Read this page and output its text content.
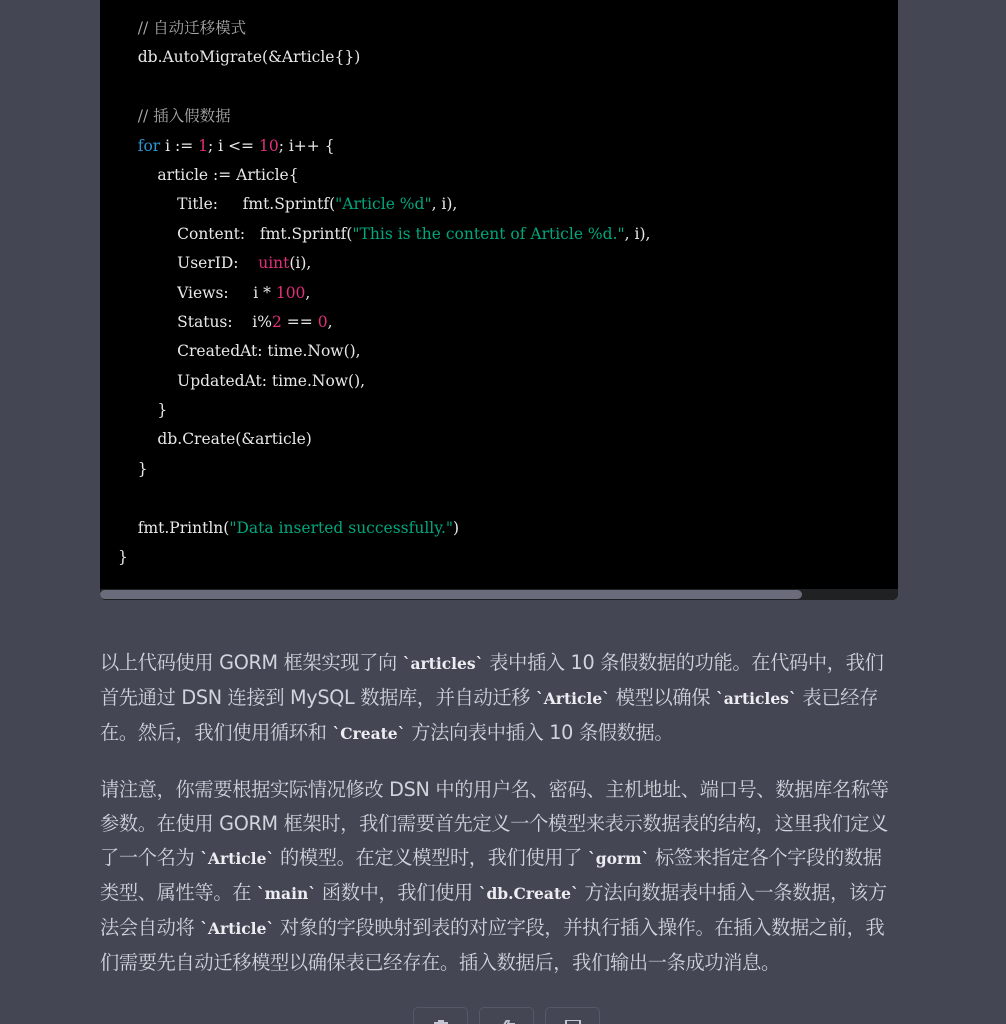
// 自动迁移模式
db.AutoMigrate(&Article{})
// 插入假数据
for i := 1; i <= 10; i++ {
article := Article{
Title:     fmt.Sprintf("Article %d", i),
Content:   fmt.Sprintf("This is the content of Article %d.", i),
UserID:    uint(i),
Views:     i * 100,
Status:    i%2 == 0,
CreatedAt: time.Now(),
UpdatedAt: time.Now(),
}
db.Create(&article)
}
fmt.Println("Data inserted successfully.")
}

以上代码使用 GORM 框架实现了向 `articles` 表中插入 10 条假数据的功能。在代码中，我们首先通过 DSN 连接到 MySQL 数据库，并自动迁移 `Article` 模型以确保 `articles` 表已经存在。然后，我们使用循环和 `Create` 方法向表中插入 10 条假数据。

请注意，你需要根据实际情况修改 DSN 中的用户名、密码、主机地址、端口号、数据库名称等参数。在使用 GORM 框架时，我们需要首先定义一个模型来表示数据表的结构，这里我们定义了一个名为 `Article` 的模型。在定义模型时，我们使用了 `gorm` 标签来指定各个字段的数据类型、属性等。在 `main` 函数中，我们使用 `db.Create` 方法向数据表中插入一条数据，该方法会自动将 `Article` 对象的字段映射到表的对应字段，并执行插入操作。在插入数据之前，我们需要先自动迁移模型以确保表已经存在。插入数据后，我们输出一条成功消息。
